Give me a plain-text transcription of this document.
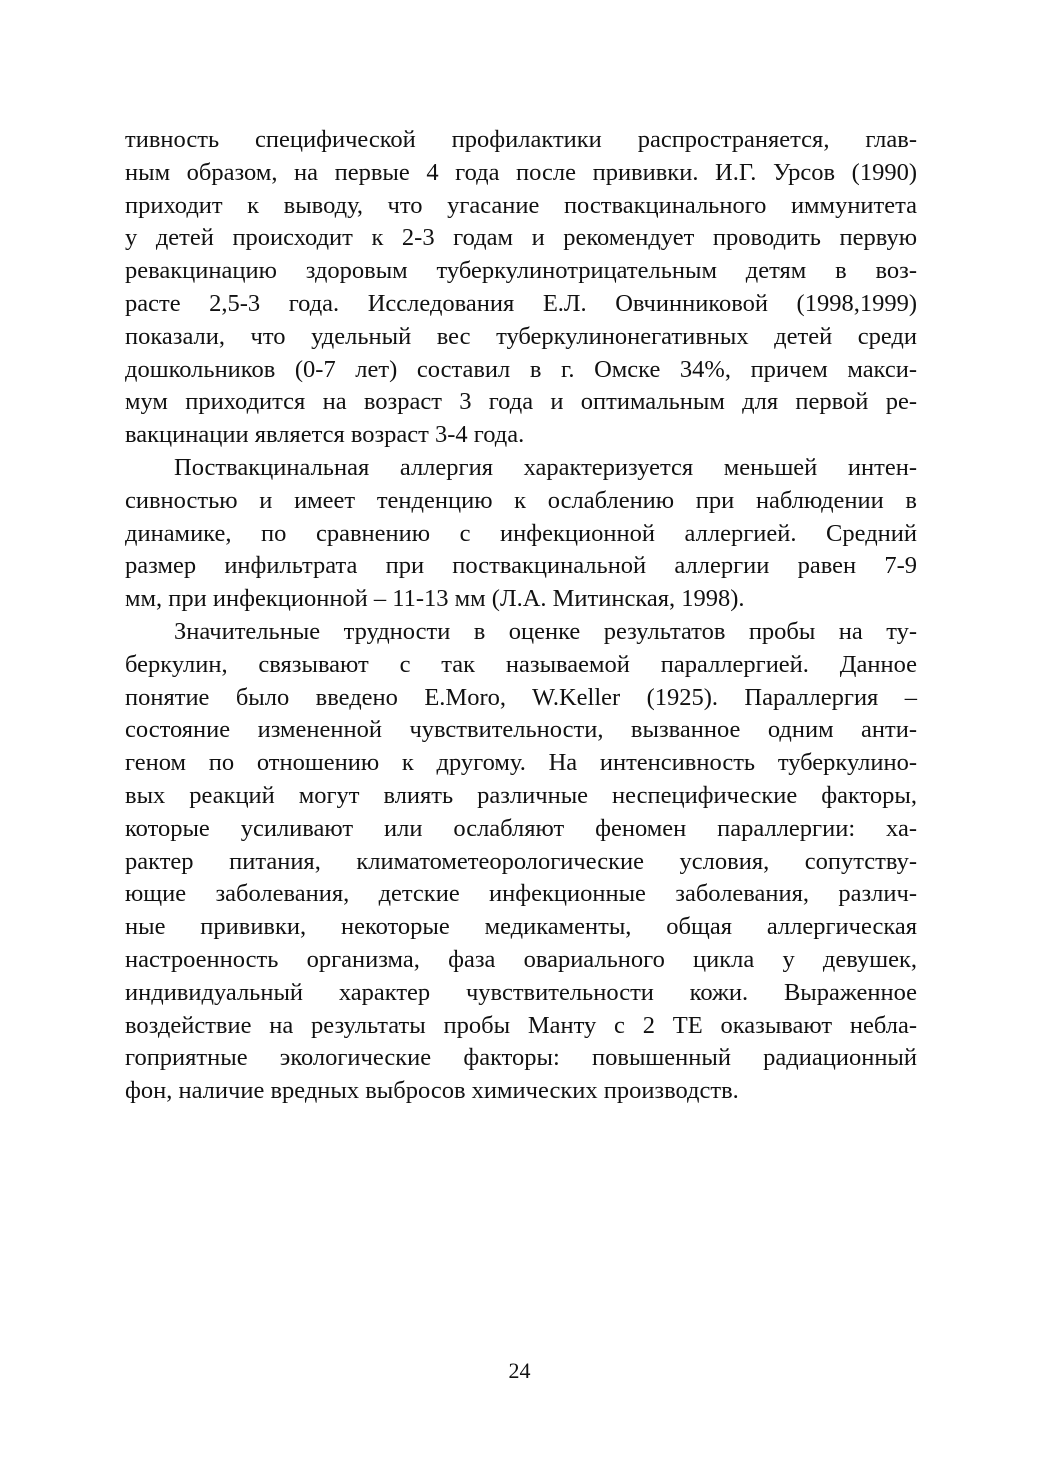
тивность специфической профилактики распространяется, глав-
ным образом, на первые 4 года после прививки. И.Г. Урсов (1990)
приходит к выводу, что угасание поствакцинального иммунитета
у детей происходит к 2-3 годам и рекомендует проводить первую
ревакцинацию здоровым туберкулинотрицательным детям в воз-
расте 2,5-3 года. Исследования Е.Л. Овчинниковой (1998,1999)
показали, что удельный вес туберкулинонегативных детей среди
дошкольников (0-7 лет) составил в г. Омске 34%, причем макси-
мум приходится на возраст 3 года и оптимальным для первой ре-
вакцинации является возраст 3-4 года.
Поствакцинальная аллергия характеризуется меньшей интен-
сивностью и имеет тенденцию к ослаблению при наблюдении в
динамике, по сравнению с инфекционной аллергией. Средний
размер инфильтрата при поствакцинальной аллергии равен 7-9
мм, при инфекционной – 11-13 мм (Л.А. Митинская, 1998).
Значительные трудности в оценке результатов пробы на ту-
беркулин, связывают с так называемой параллергией. Данное
понятие было введено E.Moro, W.Keller (1925). Параллергия –
состояние измененной чувствительности, вызванное одним анти-
геном по отношению к другому. На интенсивность туберкулино-
вых реакций могут влиять различные неспецифические факторы,
которые усиливают или ослабляют феномен параллергии: ха-
рактер питания, климатометеорологические условия, сопутству-
ющие заболевания, детские инфекционные заболевания, различ-
ные прививки, некоторые медикаменты, общая аллергическая
настроенность организма, фаза овариального цикла у девушек,
индивидуальный характер чувствительности кожи. Выраженное
воздействие на результаты пробы Манту с 2 ТЕ оказывают небла-
гоприятные экологические факторы: повышенный радиационный
фон, наличие вредных выбросов химических производств.
24
